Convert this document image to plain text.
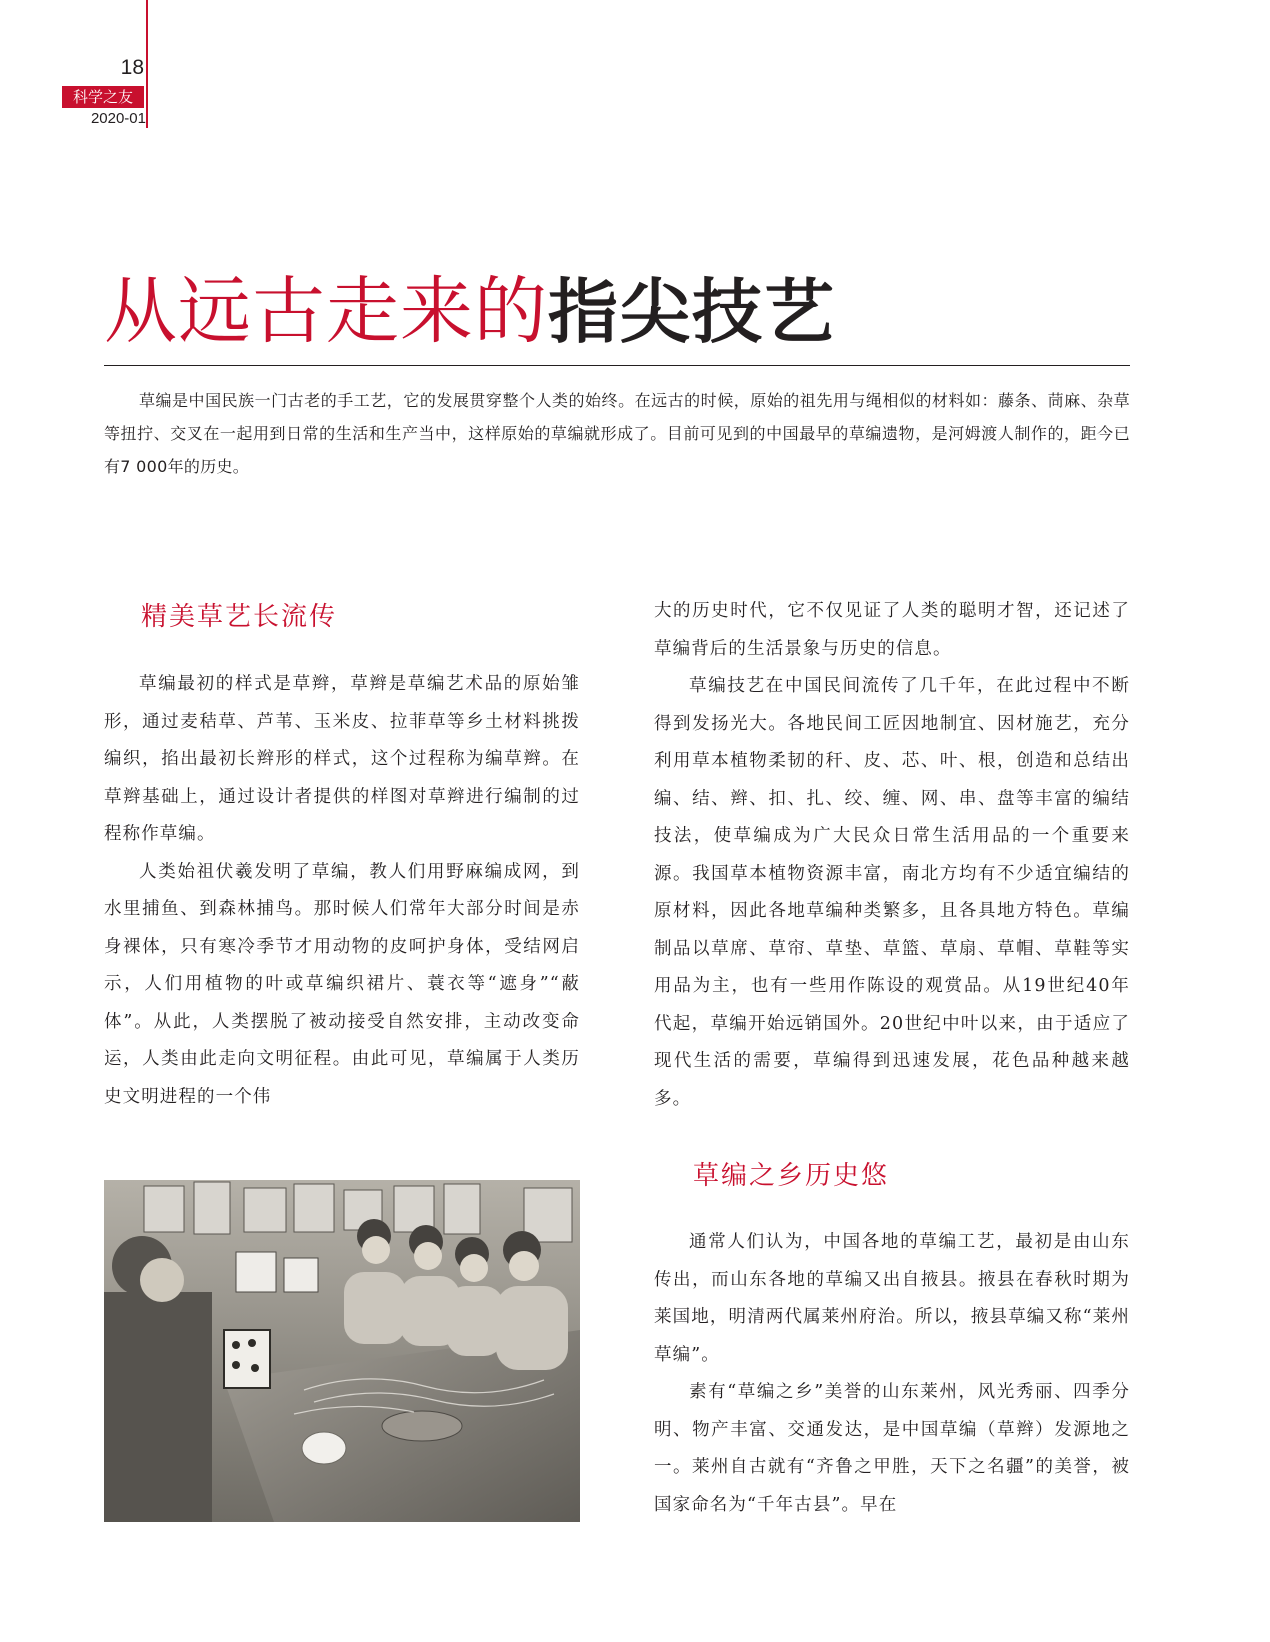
18
科学之友
2020-01
从远古走来的指尖技艺

草编是中国民族一门古老的手工艺，它的发展贯穿整个人类的始终。在远古的时候，原始的祖先用与绳相似的材料如：藤条、茼麻、杂草等扭拧、交叉在一起用到日常的生活和生产当中，这样原始的草编就形成了。目前可见到的中国最早的草编遗物，是河姆渡人制作的，距今已有7 000年的历史。

精美草艺长流传

草编最初的样式是草辫，草辫是草编艺术品的原始雏形，通过麦秸草、芦苇、玉米皮、拉菲草等乡土材料挑拨编织，掐出最初长辫形的样式，这个过程称为编草辫。在草辫基础上，通过设计者提供的样图对草辫进行编制的过程称作草编。

人类始祖伏羲发明了草编，教人们用野麻编成网，到水里捕鱼、到森林捕鸟。那时候人们常年大部分时间是赤身裸体，只有寒冷季节才用动物的皮呵护身体，受结网启示，人们用植物的叶或草编织裙片、蓑衣等“遮身”“蔽体”。从此，人类摆脱了被动接受自然安排，主动改变命运，人类由此走向文明征程。由此可见，草编属于人类历史文明进程的一个伟

大的历史时代，它不仅见证了人类的聪明才智，还记述了草编背后的生活景象与历史的信息。

草编技艺在中国民间流传了几千年，在此过程中不断得到发扬光大。各地民间工匠因地制宜、因材施艺，充分利用草本植物柔韧的秆、皮、芯、叶、根，创造和总结出编、结、辫、扣、扎、绞、缠、网、串、盘等丰富的编结技法，使草编成为广大民众日常生活用品的一个重要来源。我国草本植物资源丰富，南北方均有不少适宜编结的原材料，因此各地草编种类繁多，且各具地方特色。草编制品以草席、草帘、草垫、草篮、草扇、草帽、草鞋等实用品为主，也有一些用作陈设的观赏品。从19世纪40年代起，草编开始远销国外。20世纪中叶以来，由于适应了现代生活的需要，草编得到迅速发展，花色品种越来越多。

草编之乡历史悠

通常人们认为，中国各地的草编工艺，最初是由山东传出，而山东各地的草编又出自掖县。掖县在春秋时期为莱国地，明清两代属莱州府治。所以，掖县草编又称“莱州草编”。

素有“草编之乡”美誉的山东莱州，风光秀丽、四季分明、物产丰富、交通发达，是中国草编（草辫）发源地之一。莱州自古就有“齐鲁之甲胜，天下之名疆”的美誉，被国家命名为“千年古县”。早在
